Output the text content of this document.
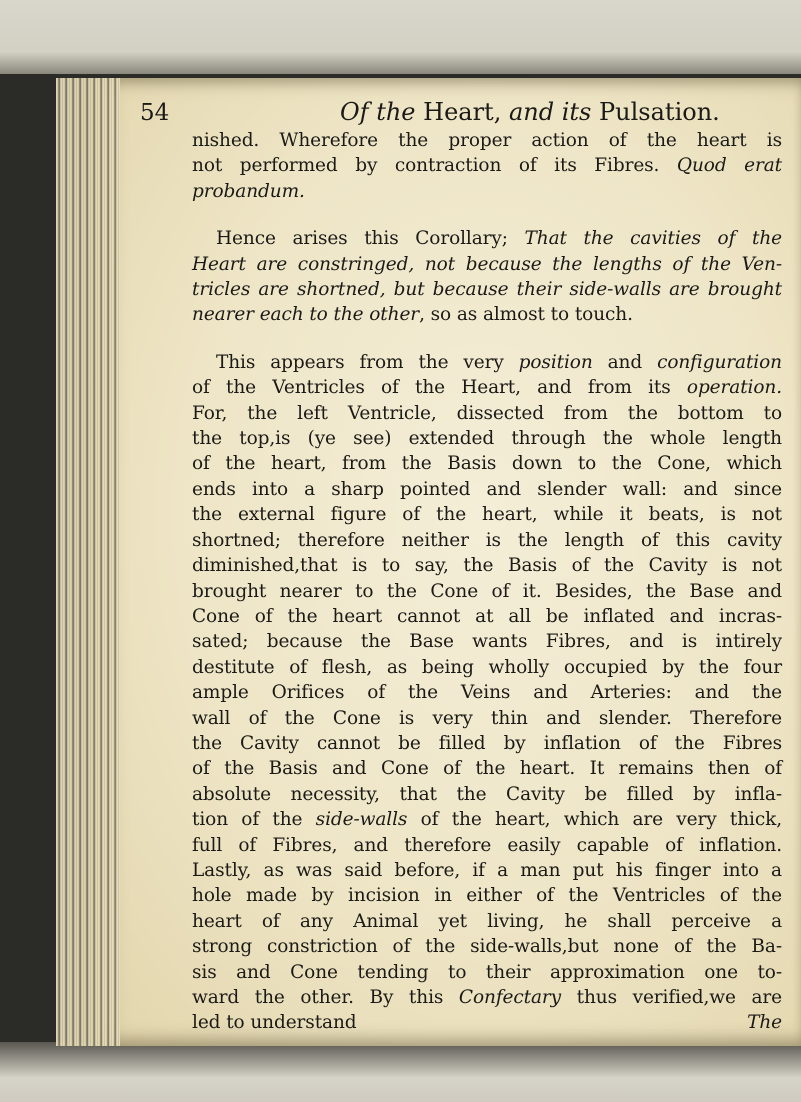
54	Of the Heart, and its Pulsation.
nished. Wherefore the proper action of the heart is
not performed by contraction of its Fibres. Quod erat
probandum.
Hence arises this Corollary; That the cavities of the
Heart are constringed, not because the lengths of the Ven-
tricles are shortned, but because their side-walls are brought
nearer each to the other, so as almost to touch.
This appears from the very position and configuration
of the Ventricles of the Heart, and from its operation.
For, the left Ventricle, dissected from the bottom to
the top,is (ye see) extended through the whole length
of the heart, from the Basis down to the Cone, which
ends into a sharp pointed and slender wall: and since
the external figure of the heart, while it beats, is not
shortned; therefore neither is the length of this cavity
diminished,that is to say, the Basis of the Cavity is not
brought nearer to the Cone of it. Besides, the Base and
Cone of the heart cannot at all be inflated and incras-
sated; because the Base wants Fibres, and is intirely
destitute of flesh, as being wholly occupied by the four
ample Orifices of the Veins and Arteries: and the
wall of the Cone is very thin and slender. Therefore
the Cavity cannot be filled by inflation of the Fibres
of the Basis and Cone of the heart. It remains then of
absolute necessity, that the Cavity be filled by infla-
tion of the side-walls of the heart, which are very thick,
full of Fibres, and therefore easily capable of inflation.
Lastly, as was said before, if a man put his finger into a
hole made by incision in either of the Ventricles of the
heart of any Animal yet living, he shall perceive a
strong constriction of the side-walls,but none of the Ba-
sis and Cone tending to their approximation one to-
ward the other. By this Confectary thus verified,we are
led to understand	The
